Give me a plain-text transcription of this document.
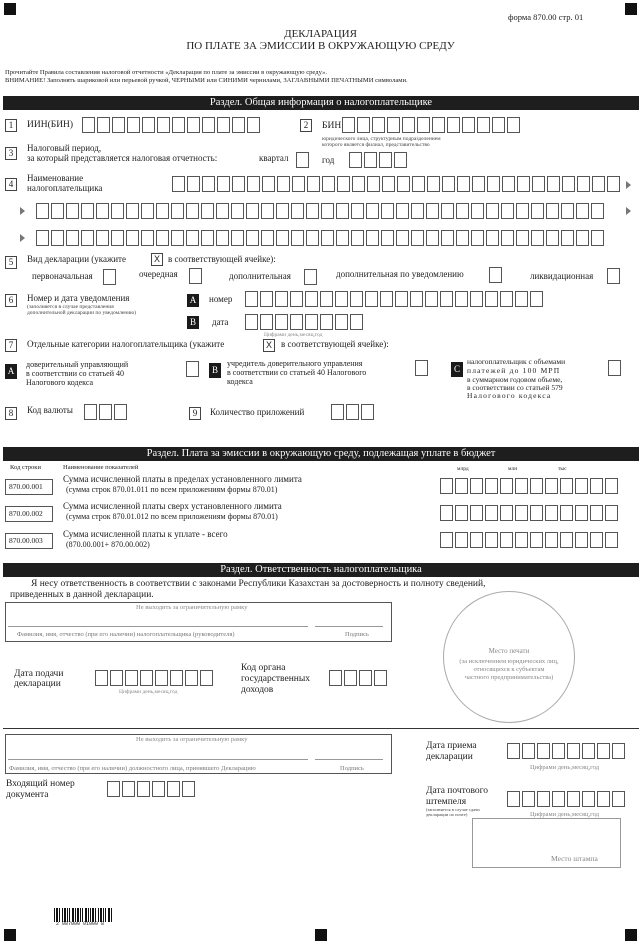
форма 870.00 стр. 01
ДЕКЛАРАЦИЯ
ПО ПЛАТЕ ЗА ЭМИССИИ В ОКРУЖАЮЩУЮ СРЕДУ
Прочитайте Правила составления налоговой отчетности «Декларация по плате за эмиссии в окружающую среду».
ВНИМАНИЕ! Заполнять шариковой или перьевой ручкой, ЧЕРНЫМИ или СИНИМИ чернилами, ЗАГЛАВНЫМИ ПЕЧАТНЫМИ символами.
Раздел. Общая информация о налогоплательщике
1	ИИН(БИН)	2	БИН
юридического лица, структурным подразделением
которого является филиал, представительство
3	Налоговый период,
за который представляется налоговая отчетность:	квартал	год
4
Наименование
налогоплательщика
5	Вид декларации (укажите	X в соответствующей ячейке):
первоначальная	очередная	дополнительная	дополнительная по уведомлению	ликвидационная
6	Номер и дата уведомления
(заполняется в случае представления
дополнительной декларации по уведомлению)
A	номер
B	дата
Цифрами день,месяц,год
7	Отдельные категории налогоплательщика (укажите	X	в соответствующей ячейке):
A
доверительный управляющий
в соответствии со статьей 40
Налогового кодекса
B
учредитель доверительного управления
в соответствии со статьей 40 Налогового
кодекса
C
налогоплательщик с объемами
платежей до 100 МРП
в суммарном годовом объеме,
в соответствии со статьей 579
Налогового кодекса
8	Код валюты	9	Количество приложений
Раздел. Плата за эмиссии в окружающую среду, подлежащая уплате в бюджет
Код строки	Наименование показателей	млрд	млн	тыс
870.00.001
Сумма исчисленной платы в пределах установленного лимита
(сумма строк 870.01.011 по всем приложениям формы 870.01)
870.00.002
Сумма исчисленной платы сверх установленного лимита
(сумма строк 870.01.012 по всем приложениям формы 870.01)
870.00.003
Сумма исчисленной платы к уплате - всего
(870.00.001+ 870.00.002)
Раздел. Ответственность налогоплательщика
Я несу ответственность в соответствии с законами Республики Казахстан за достоверность и полноту сведений,
приведенных в данной декларации.
Не выходить за ограничительную рамку
Фамилия, имя, отчество (при его наличии) налогоплательщика (руководителя)	Подпись
Место печати
(за исключением юридических лиц,
относящихся к субъектам
частного предпринимательства)
Дата подачи
декларации
Цифрами день,месяц,год
Код органа
государственных
доходов
Не выходить за ограничительную рамку
Фамилия, имя, отчество (при его наличии) должностного лица, принявшего Декларацию	Подпись
Дата приема
декларации
Цифрами день,месяц,год
Входящий номер
документа	Дата почтового
штемпеля
(заполняется в случае сдачи
декларации по почте)	Цифрами день,месяц,год
Место штампа
2 087000 01000 8
